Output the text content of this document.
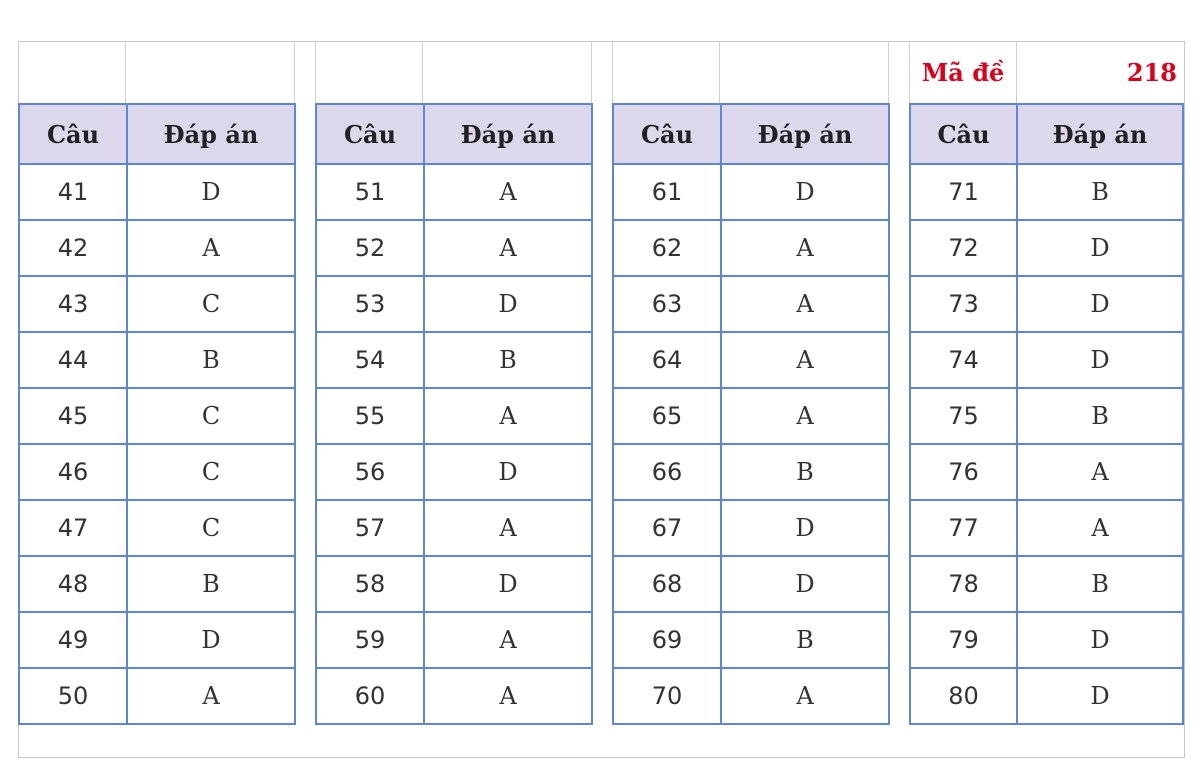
Mã đề	218
Câu	Đáp án
41	D
42	A
43	C
44	B
45	C
46	C
47	C
48	B
49	D
50	A
Câu	Đáp án
51	A
52	A
53	D
54	B
55	A
56	D
57	A
58	D
59	A
60	A
Câu	Đáp án
61	D
62	A
63	A
64	A
65	A
66	B
67	D
68	D
69	B
70	A
Câu	Đáp án
71	B
72	D
73	D
74	D
75	B
76	A
77	A
78	B
79	D
80	D
